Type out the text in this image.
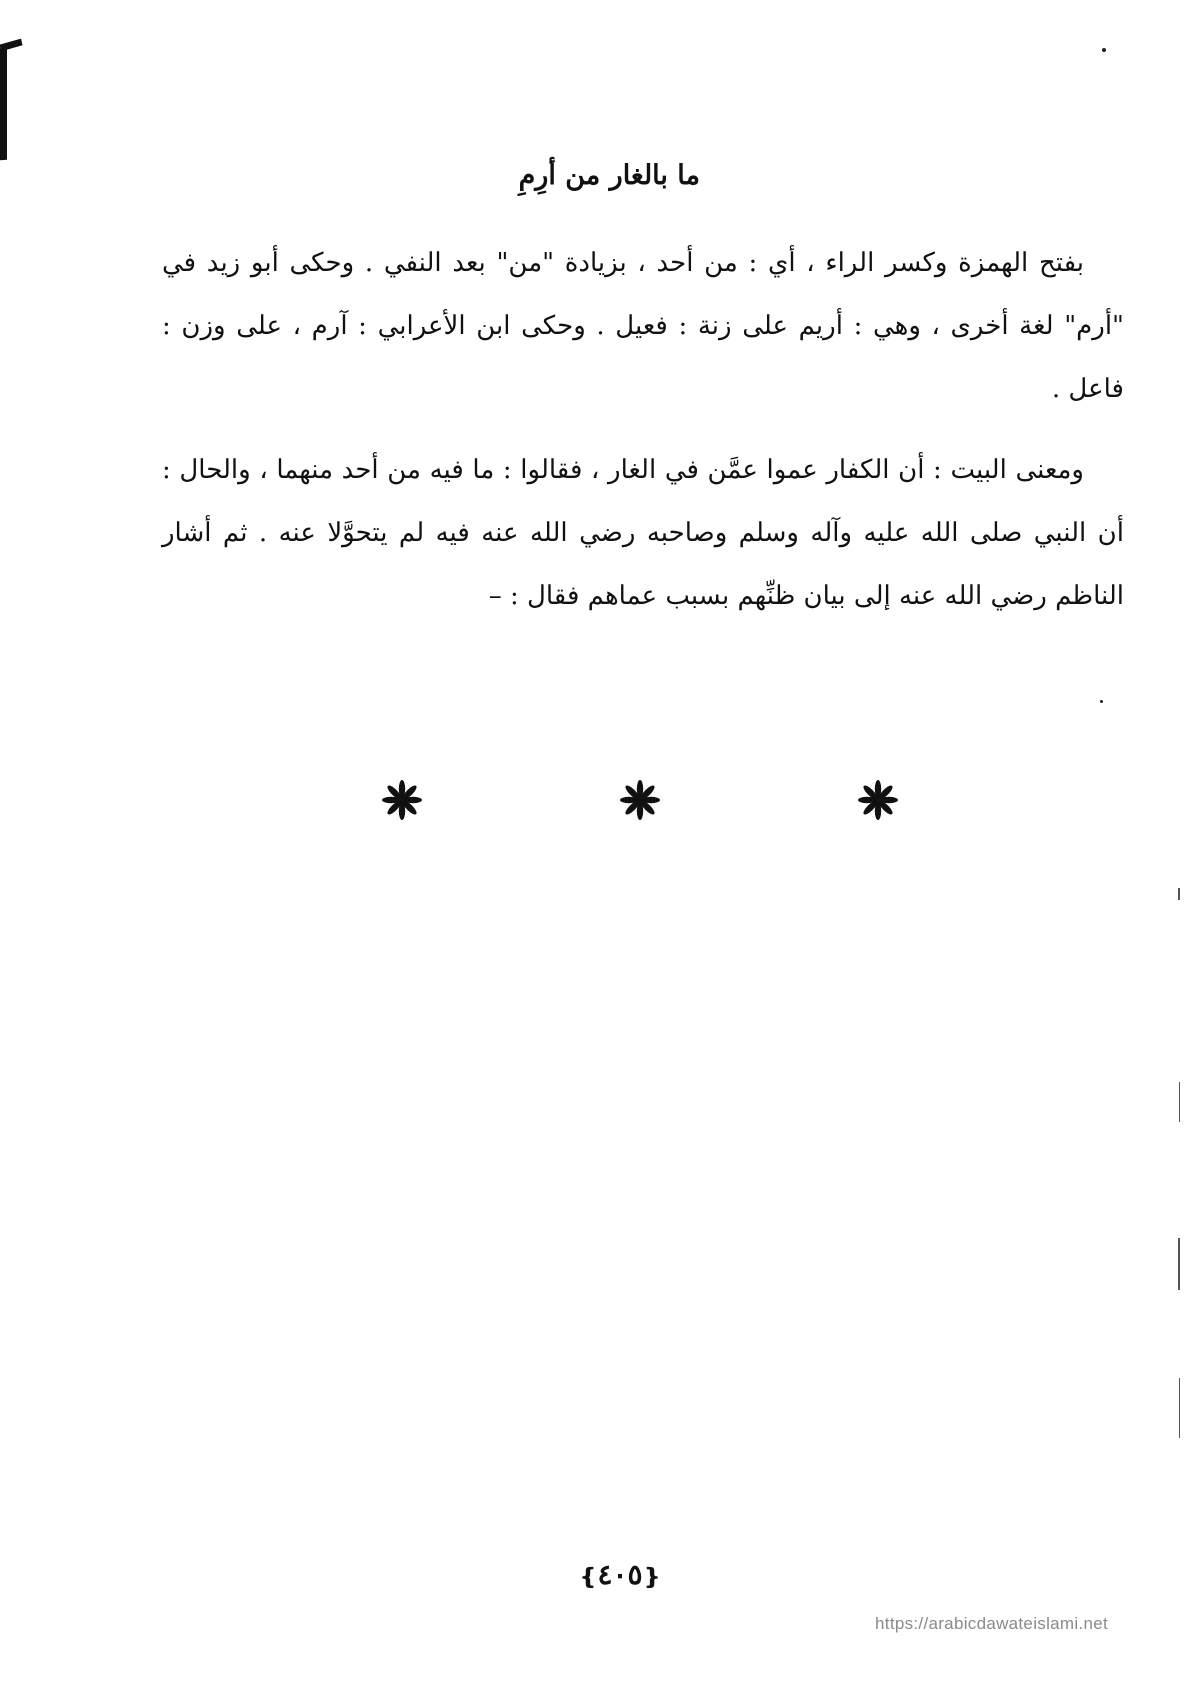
ما بالغار من أرِمِ

بفتح الهمزة وكسر الراء ، أي : من أحد ، بزيادة "من" بعد النفي . وحكى أبو زيد في "أرم" لغة أخرى ، وهي : أريم على زنة : فعيل . وحكى ابن الأعرابي : آرم ، على وزن : فاعل .

ومعنى البيت : أن الكفار عموا عمَّن في الغار ، فقالوا : ما فيه من أحد منهما ، والحال : أن النبي صلى الله عليه وآله وسلم وصاحبه رضي الله عنه فيه لم يتحوَّلا عنه . ثم أشار الناظم رضي الله عنه إلى بيان ظنِّهم بسبب عماهم فقال : –

❴٤٠٥❵
https://arabicdawateislami.net
